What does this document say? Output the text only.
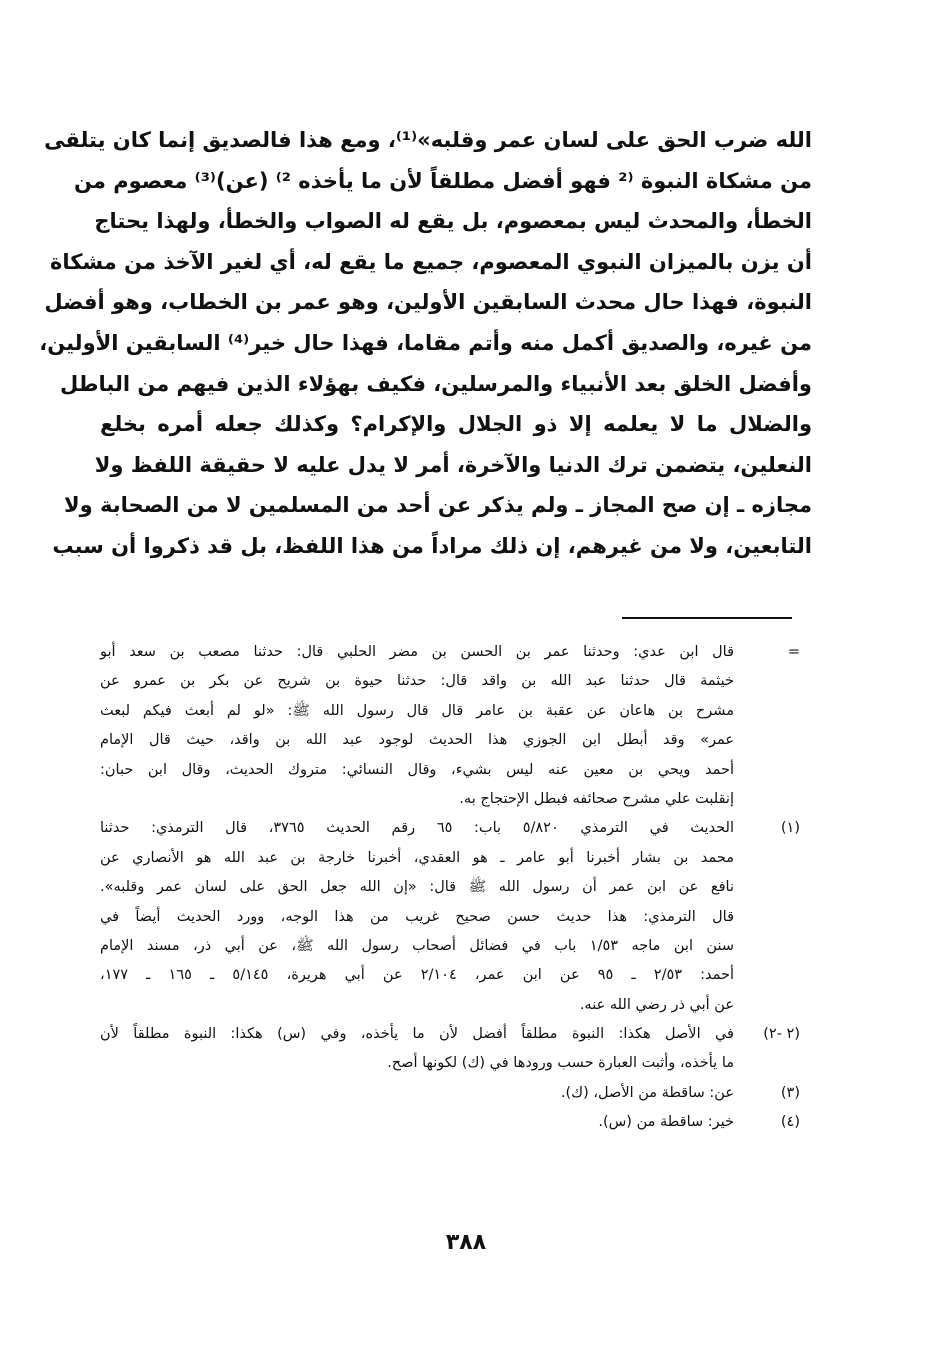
الله ضرب الحق على لسان عمر وقلبه»⁽¹⁾، ومع هذا فالصديق إنما كان يتلقى
من مشكاة النبوة ⁽² فهو أفضل مطلقاً لأن ما يأخذه ²⁾ (عن)⁽³⁾ معصوم من
الخطأ، والمحدث ليس بمعصوم، بل يقع له الصواب والخطأ، ولهذا يحتاج
أن يزن بالميزان النبوي المعصوم، جميع ما يقع له، أي لغير الآخذ من مشكاة
النبوة، فهذا حال محدث السابقين الأولين، وهو عمر بن الخطاب، وهو أفضل
من غيره، والصديق أكمل منه وأتم مقاما، فهذا حال خير⁽⁴⁾ السابقين الأولين،
وأفضل الخلق بعد الأنبياء والمرسلين، فكيف بهؤلاء الذين فيهم من الباطل
والضلال ما لا يعلمه إلا ذو الجلال والإكرام؟ وكذلك جعله أمره بخلع
النعلين، يتضمن ترك الدنيا والآخرة، أمر لا يدل عليه لا حقيقة اللفظ ولا
مجازه ـ إن صح المجاز ـ ولم يذكر عن أحد من المسلمين لا من الصحابة ولا
التابعين، ولا من غيرهم، إن ذلك مراداً من هذا اللفظ، بل قد ذكروا أن سبب
=
قال ابن عدي: وحدثنا عمر بن الحسن بن مضر الحلبي قال: حدثنا مصعب بن سعد أبو
خيثمة قال حدثنا عبد الله بن واقد قال: حدثنا حيوة بن شريح عن بكر بن عمرو عن
مشرح بن هاعان عن عقبة بن عامر قال قال رسول الله ﷺ: «لو لم أبعث فيكم لبعث
عمر» وقد أبطل ابن الجوزي هذا الحديث لوجود عبد الله بن واقد، حيث قال الإمام
أحمد ويحي بن معين عنه ليس بشيء، وقال النسائي: متروك الحديث، وقال ابن حبان:
إنقلبت علي مشرح صحائفه فبطل الإحتجاج به.
(١)
الحديث في الترمذي ٥/٨٢٠ باب: ٦٥ رقم الحديث ٣٧٦٥، قال الترمذي: حدثنا
محمد بن بشار أخبرنا أبو عامر ـ هو العقدي، أخبرنا خارجة بن عبد الله هو الأنصاري عن
نافع عن ابن عمر أن رسول الله ﷺ قال: «إن الله جعل الحق على لسان عمر وقلبه».
قال الترمذي: هذا حديث حسن صحيح غريب من هذا الوجه، وورد الحديث أيضاً في
سنن ابن ماجه ١/٥٣ باب في فضائل أصحاب رسول الله ﷺ، عن أبي ذر، مسند الإمام
أحمد: ٢/٥٣ ـ ٩٥ عن ابن عمر، ٢/١٠٤ عن أبي هريرة، ٥/١٤٥ ـ ١٦٥ ـ ١٧٧،
عن أبي ذر رضي الله عنه.
(٢ -٢)
في الأصل هكذا: النبوة مطلقاً أفضل لأن ما يأخذه، وفي (س) هكذا: النبوة مطلقاً لأن
ما يأخذه، وأثبت العبارة حسب ورودها في (ك) لكونها أصح.
(٣)
عن: ساقطة من الأصل، (ك).
(٤)
خير: ساقطة من (س).
٣٨٨
